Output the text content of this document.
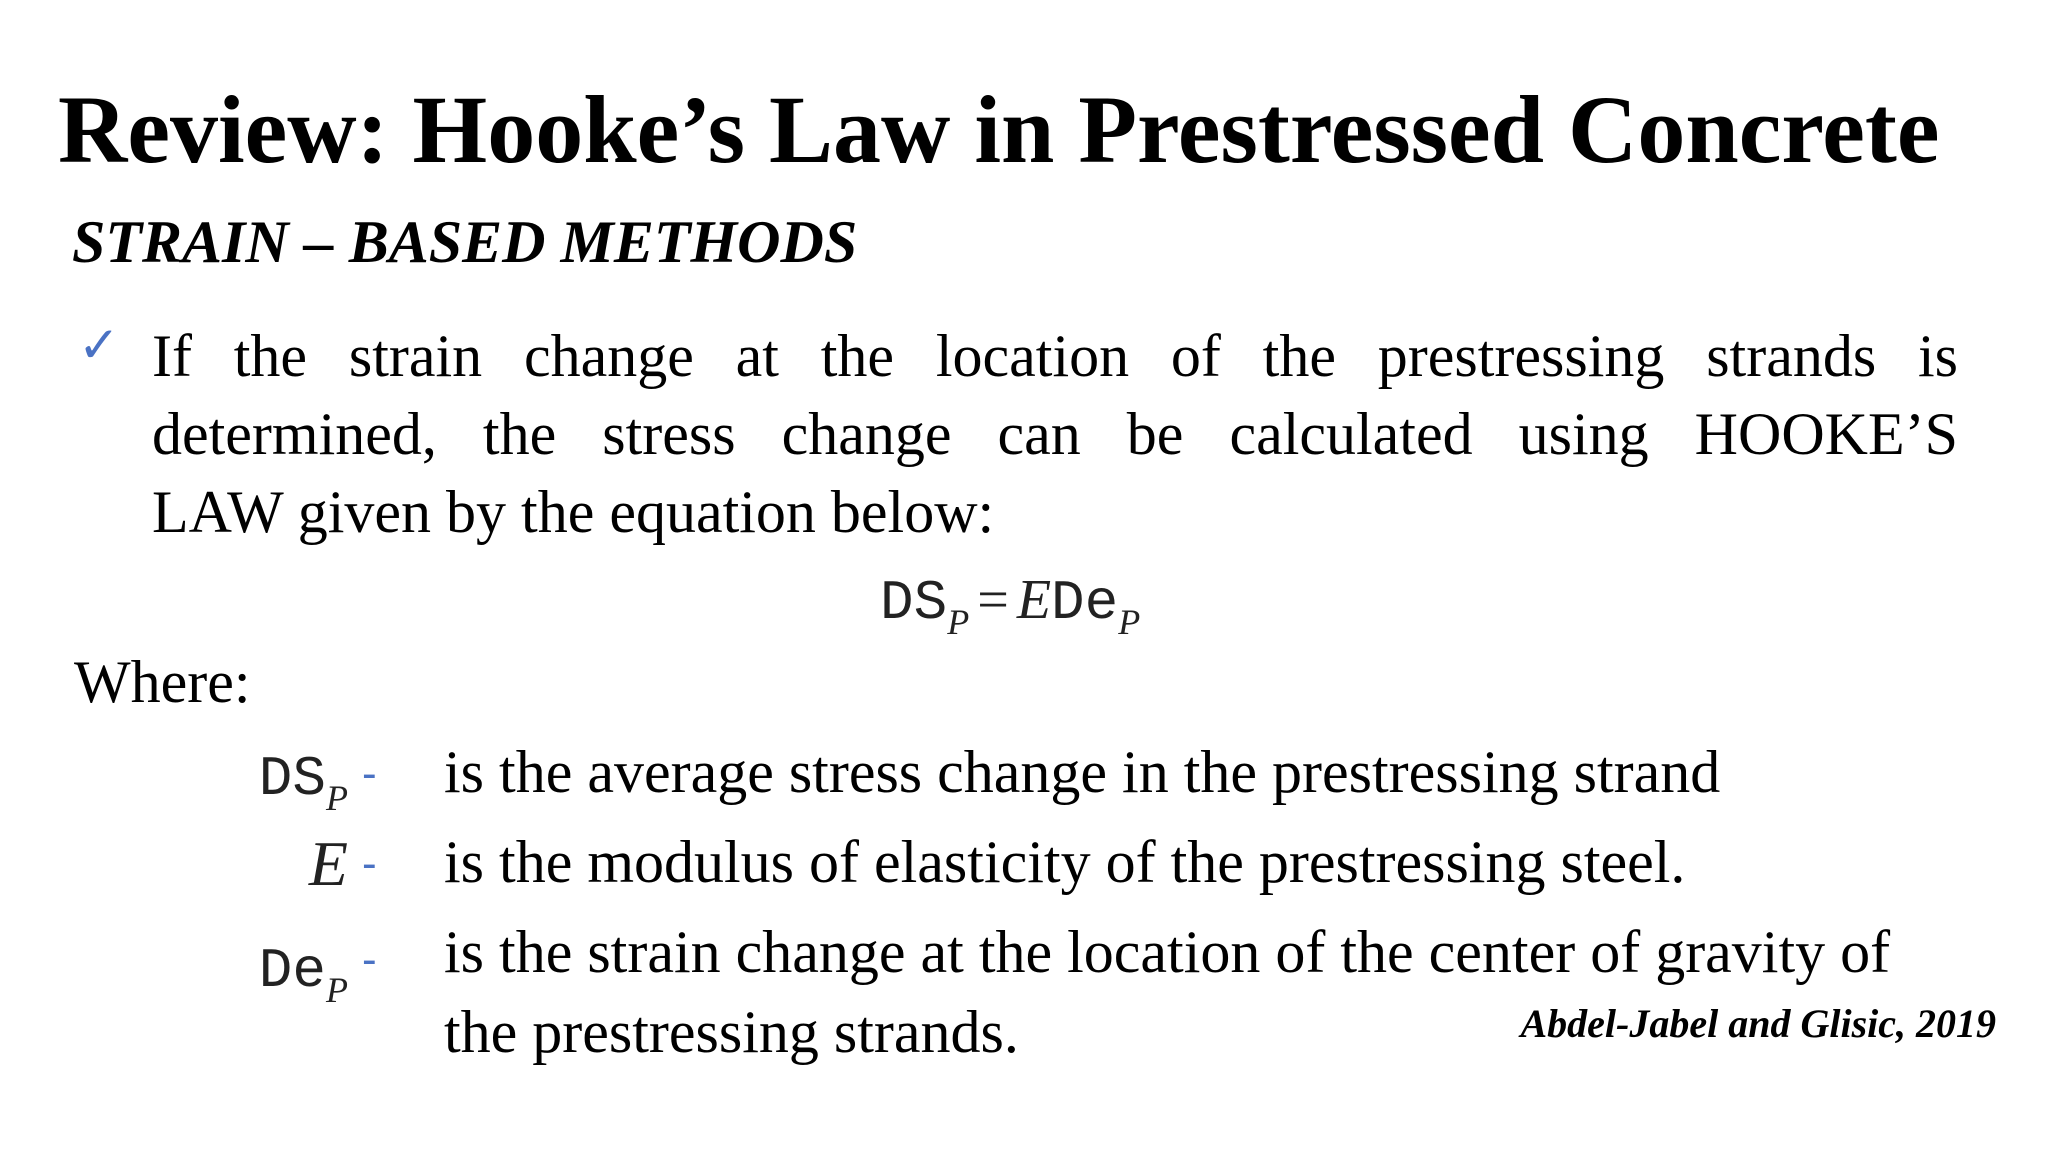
Review: Hooke’s Law in Prestressed Concrete
STRAIN – BASED METHODS
✓ If the strain change at the location of the prestressing strands is
determined, the stress change can be calculated using HOOKE’S
LAW given by the equation below:
$DS_P = EDe_P$
Where:
$DS_P$ - is the average stress change in the prestressing strand
E - is the modulus of elasticity of the prestressing steel.
$De_P$
- is the strain change at the location of the center of gravity of
the prestressing strands.	Abdel-Jabel and Glisic, 2019
